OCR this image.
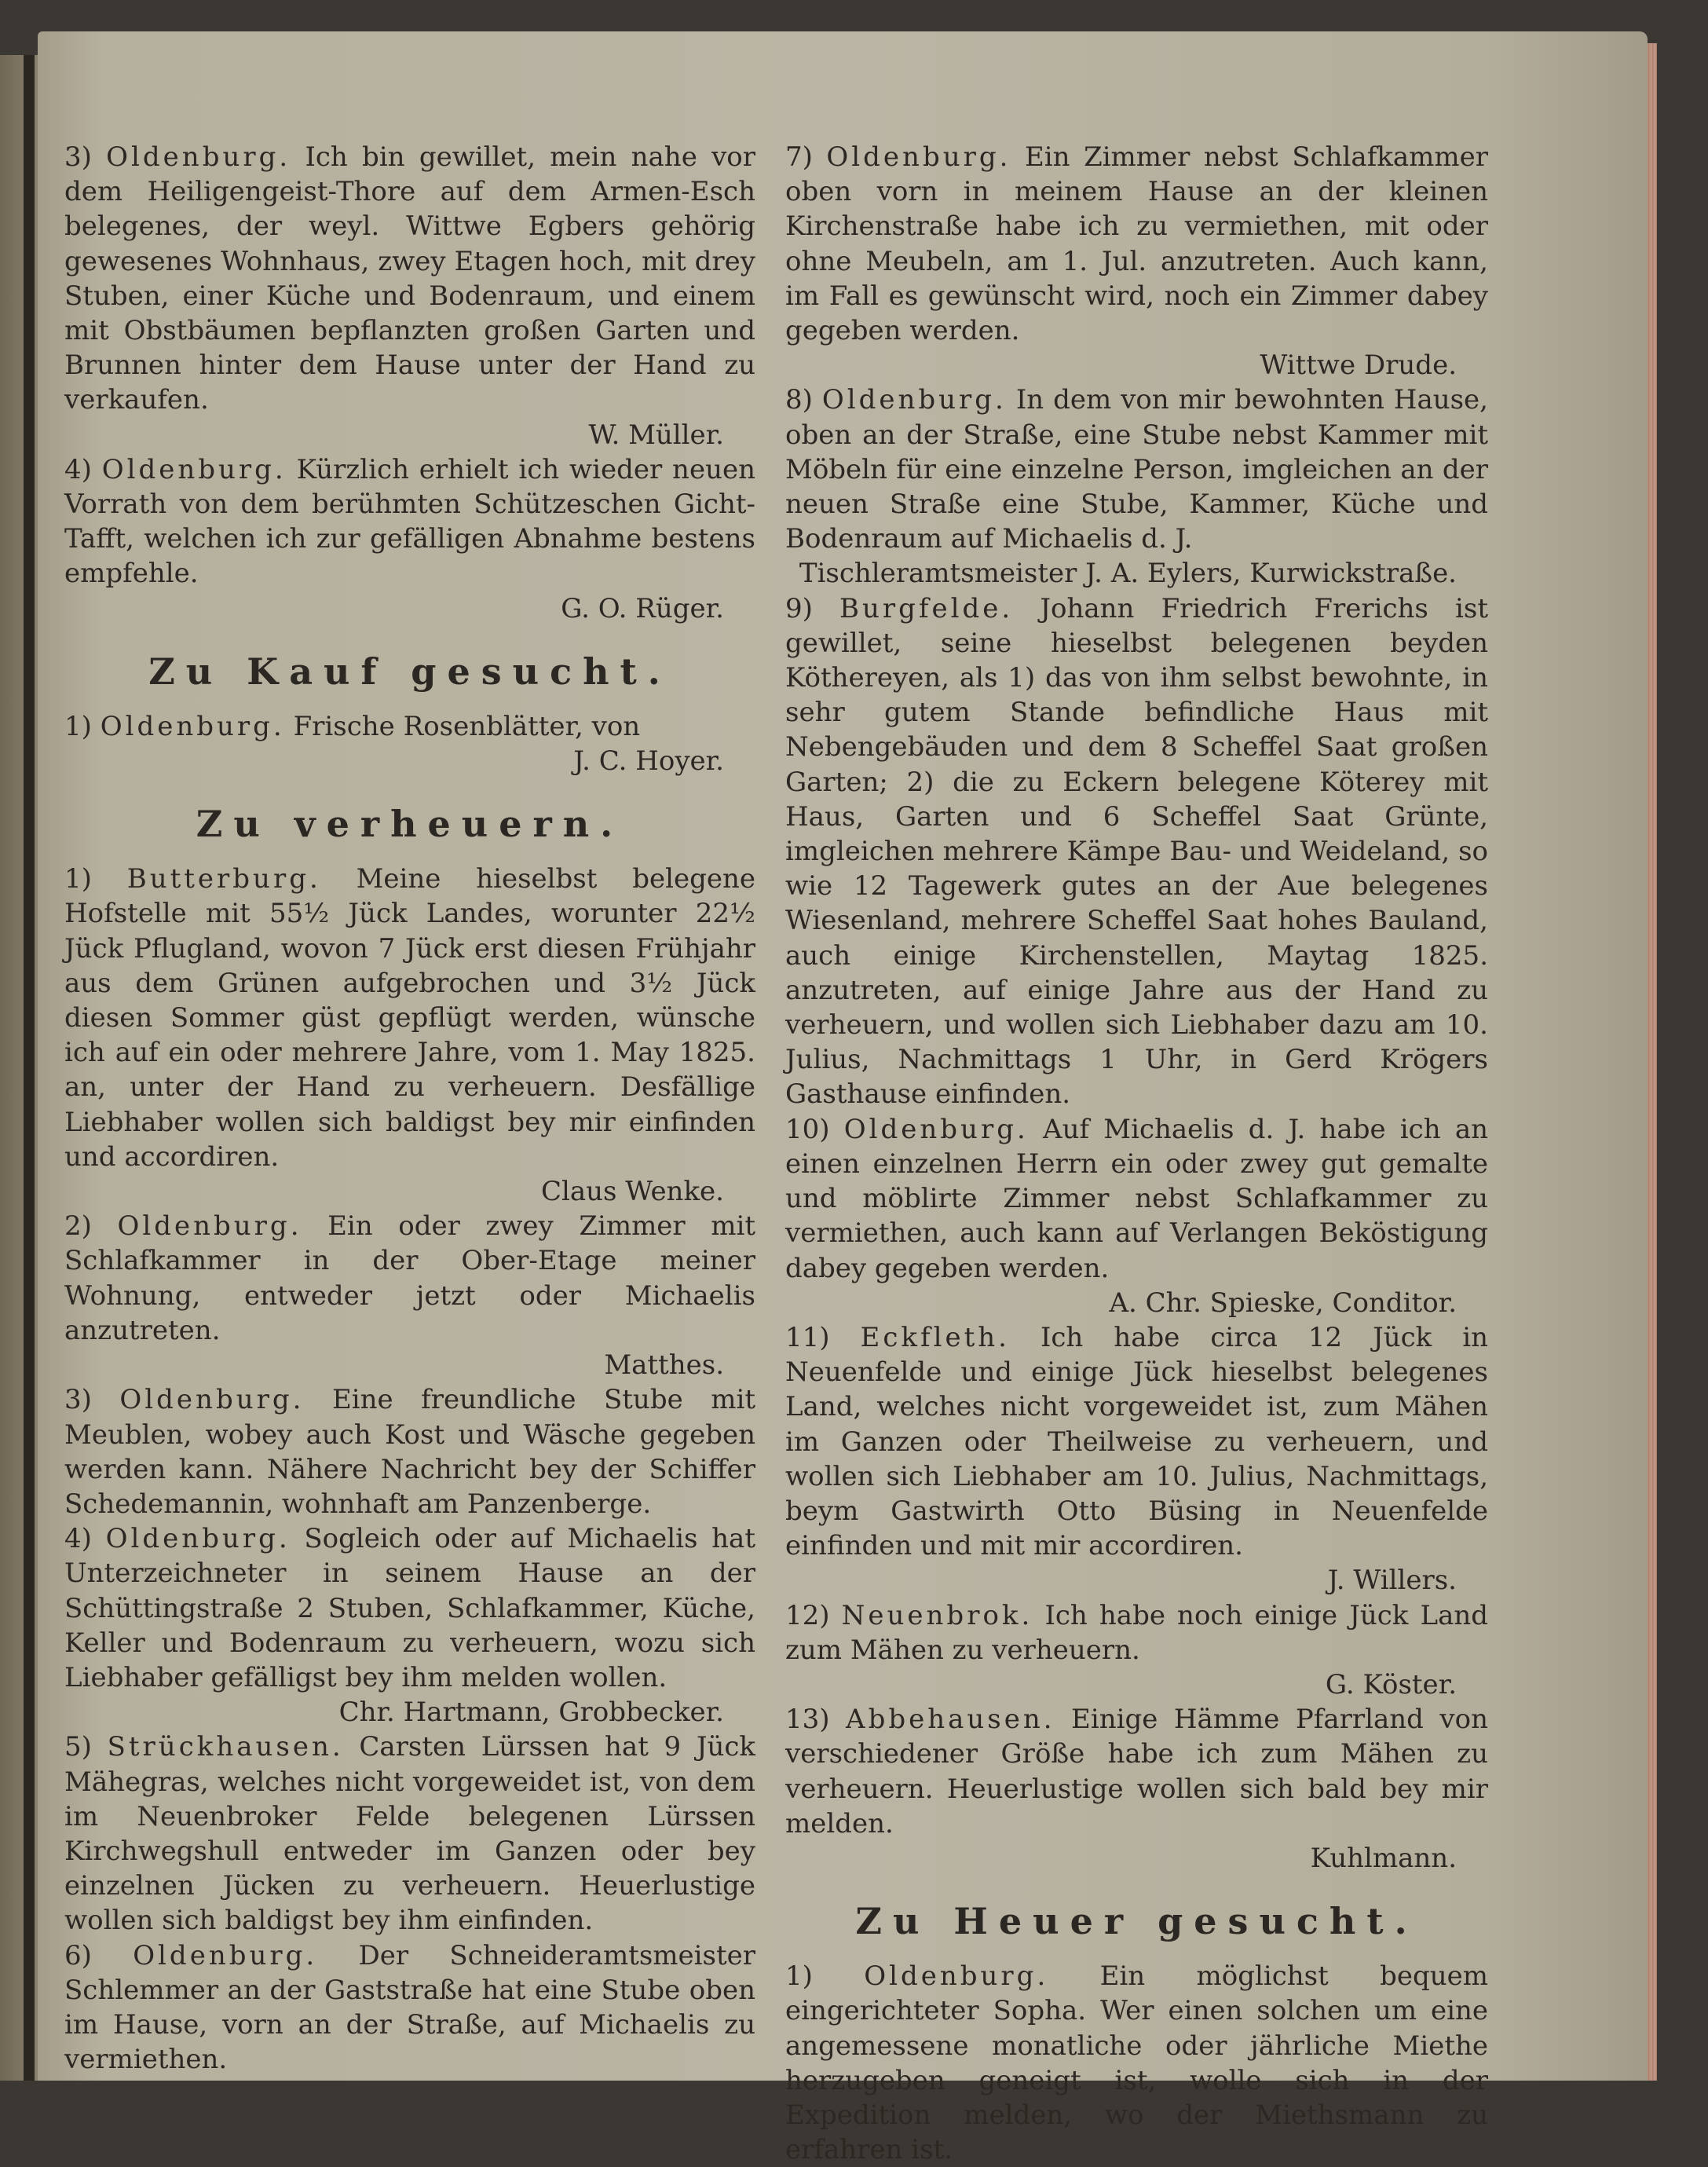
3) Oldenburg. Ich bin gewillet, mein nahe vor dem Heiligengeist-Thore auf dem Armen-Esch belegenes, der weyl. Wittwe Egbers gehörig gewesenes Wohnhaus, zwey Etagen hoch, mit drey Stuben, einer Küche und Bodenraum, und einem mit Obstbäumen bepflanzten großen Garten und Brunnen hinter dem Hause unter der Hand zu verkaufen.
W. Müller.

4) Oldenburg. Kürzlich erhielt ich wieder neuen Vorrath von dem berühmten Schützeschen Gicht-Tafft, welchen ich zur gefälligen Abnahme bestens empfehle.
G. O. Rüger.

Zu Kauf gesucht.

1) Oldenburg. Frische Rosenblätter, von
J. C. Hoyer.

Zu verheuern.

1) Butterburg. Meine hieselbst belegene Hofstelle mit 55½ Jück Landes, worunter 22½ Jück Pflugland, wovon 7 Jück erst diesen Frühjahr aus dem Grünen aufgebrochen und 3½ Jück diesen Sommer güst gepflügt werden, wünsche ich auf ein oder mehrere Jahre, vom 1. May 1825. an, unter der Hand zu verheuern. Desfällige Liebhaber wollen sich baldigst bey mir einfinden und accordiren.
Claus Wenke.

2) Oldenburg. Ein oder zwey Zimmer mit Schlafkammer in der Ober-Etage meiner Wohnung, entweder jetzt oder Michaelis anzutreten.
Matthes.

3) Oldenburg. Eine freundliche Stube mit Meublen, wobey auch Kost und Wäsche gegeben werden kann. Nähere Nachricht bey der Schiffer Schedemannin, wohnhaft am Panzenberge.

4) Oldenburg. Sogleich oder auf Michaelis hat Unterzeichneter in seinem Hause an der Schüttingstraße 2 Stuben, Schlafkammer, Küche, Keller und Bodenraum zu verheuern, wozu sich Liebhaber gefälligst bey ihm melden wollen.
Chr. Hartmann, Grobbecker.

5) Strückhausen. Carsten Lürssen hat 9 Jück Mähegras, welches nicht vorgeweidet ist, von dem im Neuenbroker Felde belegenen Lürssen Kirchwegshull entweder im Ganzen oder bey einzelnen Jücken zu verheuern. Heuerlustige wollen sich baldigst bey ihm einfinden.

6) Oldenburg. Der Schneideramtsmeister Schlemmer an der Gaststraße hat eine Stube oben im Hause, vorn an der Straße, auf Michaelis zu vermiethen.

7) Oldenburg. Ein Zimmer nebst Schlafkammer oben vorn in meinem Hause an der kleinen Kirchenstraße habe ich zu vermiethen, mit oder ohne Meubeln, am 1. Jul. anzutreten. Auch kann, im Fall es gewünscht wird, noch ein Zimmer dabey gegeben werden.
Wittwe Drude.

8) Oldenburg. In dem von mir bewohnten Hause, oben an der Straße, eine Stube nebst Kammer mit Möbeln für eine einzelne Person, imgleichen an der neuen Straße eine Stube, Kammer, Küche und Bodenraum auf Michaelis d. J.
Tischleramtsmeister J. A. Eylers, Kurwickstraße.

9) Burgfelde. Johann Friedrich Frerichs ist gewillet, seine hieselbst belegenen beyden Köthereyen, als 1) das von ihm selbst bewohnte, in sehr gutem Stande befindliche Haus mit Nebengebäuden und dem 8 Scheffel Saat großen Garten; 2) die zu Eckern belegene Köterey mit Haus, Garten und 6 Scheffel Saat Grünte, imgleichen mehrere Kämpe Bau- und Weideland, so wie 12 Tagewerk gutes an der Aue belegenes Wiesenland, mehrere Scheffel Saat hohes Bauland, auch einige Kirchenstellen, Maytag 1825. anzutreten, auf einige Jahre aus der Hand zu verheuern, und wollen sich Liebhaber dazu am 10. Julius, Nachmittags 1 Uhr, in Gerd Krögers Gasthause einfinden.

10) Oldenburg. Auf Michaelis d. J. habe ich an einen einzelnen Herrn ein oder zwey gut gemalte und möblirte Zimmer nebst Schlafkammer zu vermiethen, auch kann auf Verlangen Beköstigung dabey gegeben werden.
A. Chr. Spieske, Conditor.

11) Eckfleth. Ich habe circa 12 Jück in Neuenfelde und einige Jück hieselbst belegenes Land, welches nicht vorgeweidet ist, zum Mähen im Ganzen oder Theilweise zu verheuern, und wollen sich Liebhaber am 10. Julius, Nachmittags, beym Gastwirth Otto Büsing in Neuenfelde einfinden und mit mir accordiren.
J. Willers.

12) Neuenbrok. Ich habe noch einige Jück Land zum Mähen zu verheuern.
G. Köster.

13) Abbehausen. Einige Hämme Pfarrland von verschiedener Größe habe ich zum Mähen zu verheuern. Heuerlustige wollen sich bald bey mir melden.
Kuhlmann.

Zu Heuer gesucht.

1) Oldenburg. Ein möglichst bequem eingerichteter Sopha. Wer einen solchen um eine angemessene monatliche oder jährliche Miethe herzugeben geneigt ist, wolle sich in der Expedition melden, wo der Miethsmann zu erfahren ist.
